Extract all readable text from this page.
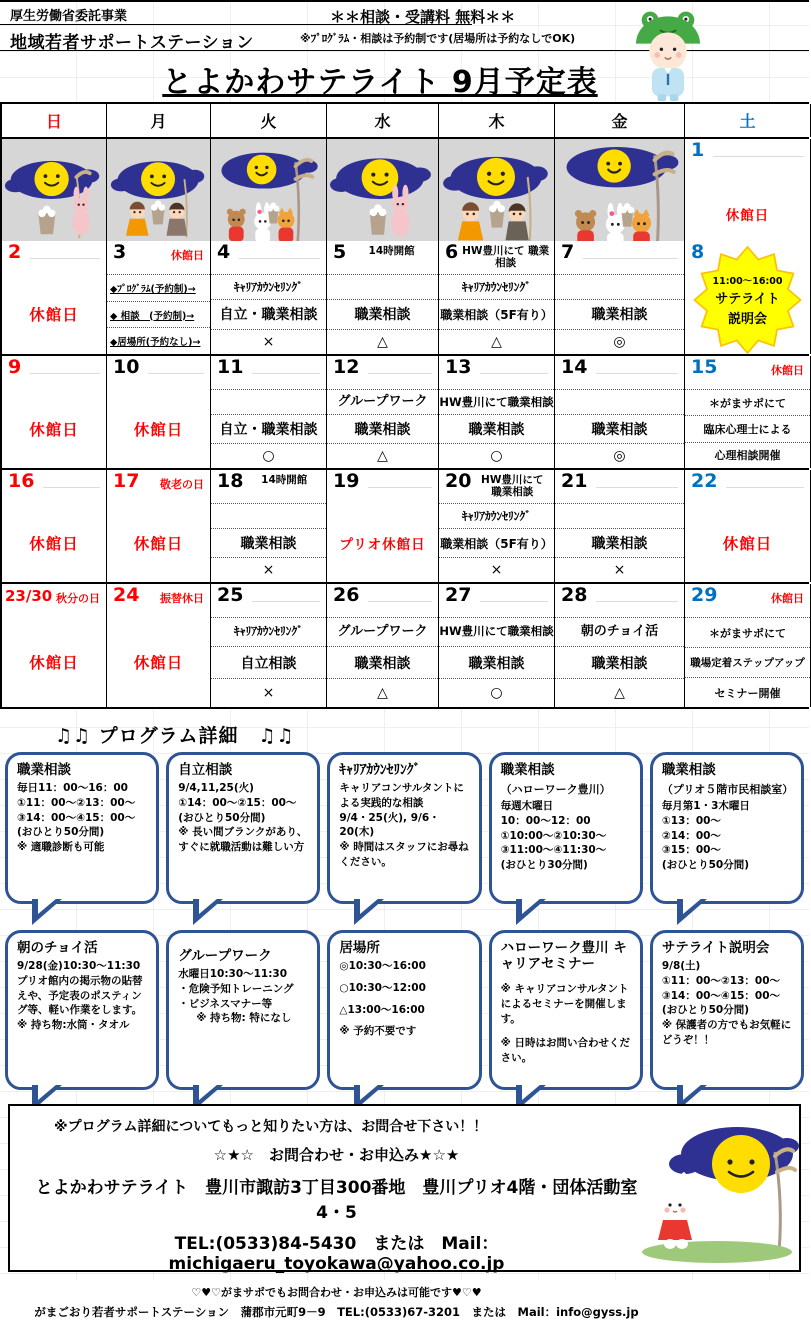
厚生労働省委託事業
地域若者サポートステーション
＊＊相談・受講料 無料＊＊
※ﾌﾟﾛｸﾞﾗﾑ・相談は予約制です(居場所は予約なしでOK)
とよかわサテライト 9月予定表
日	月	火	水	木	金	土
1
休館日
2
休館日
3	休館日
◆ﾌﾟﾛｸﾞﾗﾑ(予約制)→
◆ 相談　(予約制)→
◆居場所(予約なし)→
4
ｷｬﾘｱｶｳﾝｾﾘﾝｸﾞ
自立・職業相談
×
5	14時開館
職業相談
△
6 HW豊川にて 職業相談
ｷｬﾘｱｶｳﾝｾﾘﾝｸﾞ
職業相談（5F有り）
△
7
職業相談
◎
8
11:00～16:00
サテライト
説明会
9
休館日
10
休館日
11
自立・職業相談
○
12
グループワーク
職業相談
△
13
HW豊川にて職業相談
職業相談
○
14
職業相談
◎
15	休館日
＊がまサポにて
臨床心理士による
心理相談開催
16
休館日
17 敬老の日
休館日
18	14時開館
職業相談
×
19
プリオ休館日
20 HW豊川にて 職業相談
ｷｬﾘｱｶｳﾝｾﾘﾝｸﾞ
職業相談（5F有り）
×
21
職業相談
×
22
休館日
23/30 秋分の日
休館日
24 振替休日
休館日
25
ｷｬﾘｱｶｳﾝｾﾘﾝｸﾞ
自立相談
×
26
グループワーク
職業相談
△
27
HW豊川にて職業相談
職業相談
○
28
朝のチョイ活
職業相談
△
29	休館日
＊がまサポにて
職場定着ステップアップ
セミナー開催
♫♫ プログラム詳細　♫♫
職業相談
毎日11：00～16：00
①11：00～②13：00～
③14：00～④15：00～
(おひとり50分間)
※ 適職診断も可能
自立相談
9/4,11,25(火)
①14：00～②15：00～
(おひとり50分間)
※ 長い間ブランクがあり、すぐに就職活動は難しい方
ｷｬﾘｱｶｳﾝｾﾘﾝｸﾞ
キャリアコンサルタントによる実践的な相談
9/4・25(火), 9/6・20(木)
※ 時間はスタッフにお尋ねください。
職業相談
（ハローワーク豊川）
毎週木曜日
10：00～12：00
①10:00～②10:30～
③11:00～④11:30～
(おひとり30分間)
職業相談
（プリオ５階市民相談室）
毎月第1・3木曜日
①13：00～
②14：00～
③15：00～
(おひとり50分間)
朝のチョイ活
9/28(金)10:30～11:30
プリオ館内の掲示物の貼替えや、予定表のポスティング等、軽い作業をします。
※ 持ち物:水筒・タオル
グループワーク
水曜日10:30～11:30
・危険予知トレーニング
・ビジネスマナー等
※ 持ち物: 特になし
居場所
◎10:30～16:00
○10:30～12:00
△13:00～16:00
※ 予約不要です
ハローワーク豊川 キャリアセミナー
※ キャリアコンサルタントによるセミナーを開催します。
※ 日時はお問い合わせください。
サテライト説明会
9/8(土)
①11：00～②13：00～
③14：00～④15：00～
(おひとり50分間)
※ 保護者の方でもお気軽にどうぞ！！
※プログラム詳細についてもっと知りたい方は、お問合せ下さい！！
☆★☆　お問合わせ・お申込み★☆★
とよかわサテライト　豊川市諏訪3丁目300番地　豊川プリオ4階・団体活動室4・5
TEL:(0533)84-5430　または　Mail：michigaeru_toyokawa@yahoo.co.jp
♡♥♡がまサポでもお問合わせ・お申込みは可能です♥♡♥
がまごおり若者サポートステーション　蒲郡市元町9－9　TEL:(0533)67-3201　または　Mail：info@gyss.jp
